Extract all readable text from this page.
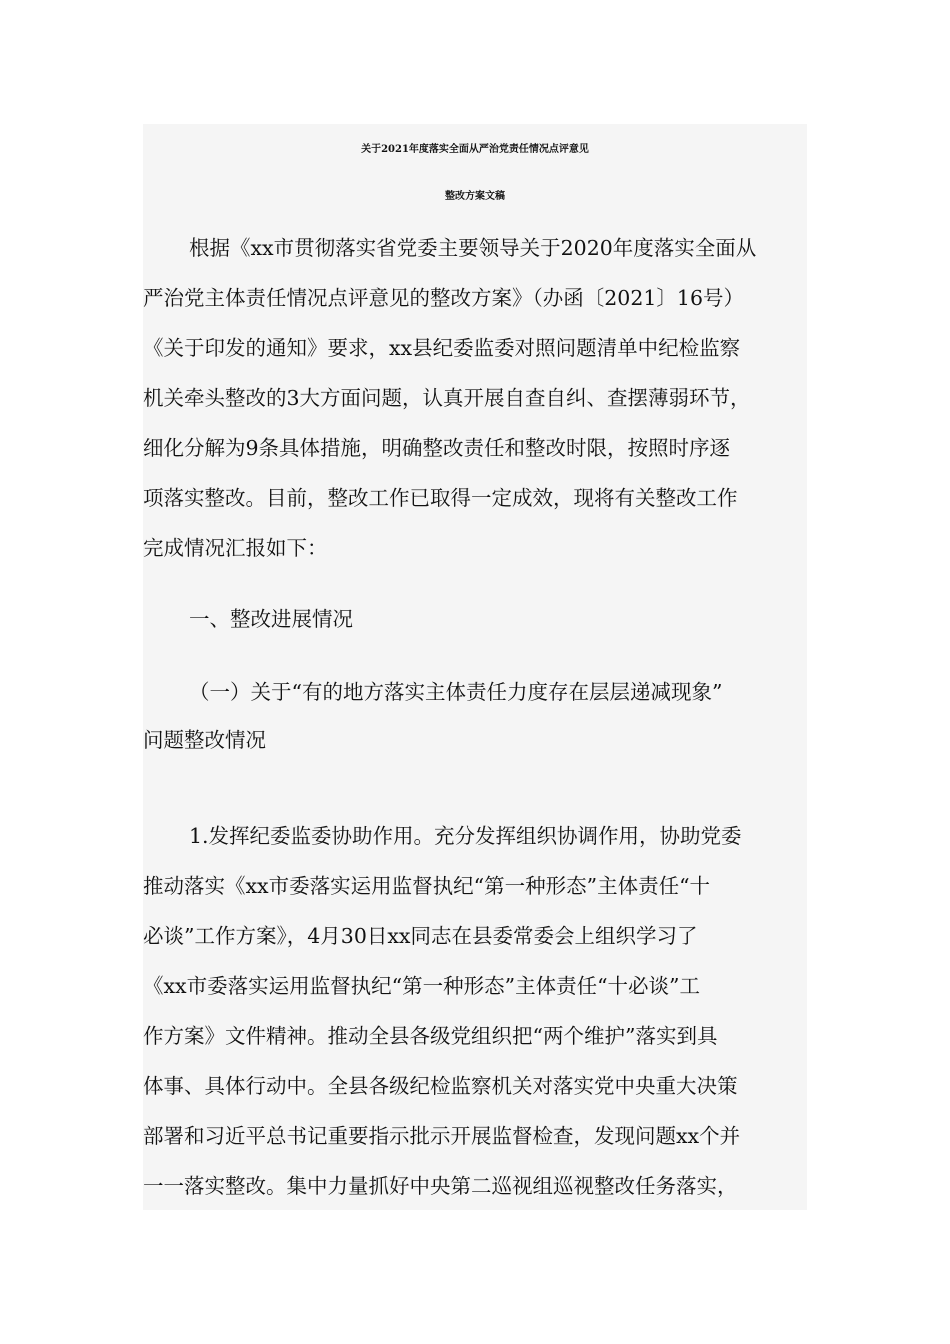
关于2021年度落实全面从严治党责任情况点评意见
整改方案文稿
根据《xx市贯彻落实省党委主要领导关于2020年度落实全面从
严治党主体责任情况点评意见的整改方案》（办函〔2021〕16号）
《关于印发的通知》要求，xx县纪委监委对照问题清单中纪检监察
机关牵头整改的3大方面问题，认真开展自查自纠、查摆薄弱环节，
细化分解为9条具体措施，明确整改责任和整改时限，按照时序逐
项落实整改。目前，整改工作已取得一定成效，现将有关整改工作
完成情况汇报如下：
一、整改进展情况
（一）关于“有的地方落实主体责任力度存在层层递减现象”
问题整改情况
1.发挥纪委监委协助作用。充分发挥组织协调作用，协助党委
推动落实《xx市委落实运用监督执纪“第一种形态”主体责任“十
必谈”工作方案》，4月30日xx同志在县委常委会上组织学习了
《xx市委落实运用监督执纪“第一种形态”主体责任“十必谈”工
作方案》文件精神。推动全县各级党组织把“两个维护”落实到具
体事、具体行动中。全县各级纪检监察机关对落实党中央重大决策
部署和习近平总书记重要指示批示开展监督检查，发现问题xx个并
一一落实整改。集中力量抓好中央第二巡视组巡视整改任务落实，
